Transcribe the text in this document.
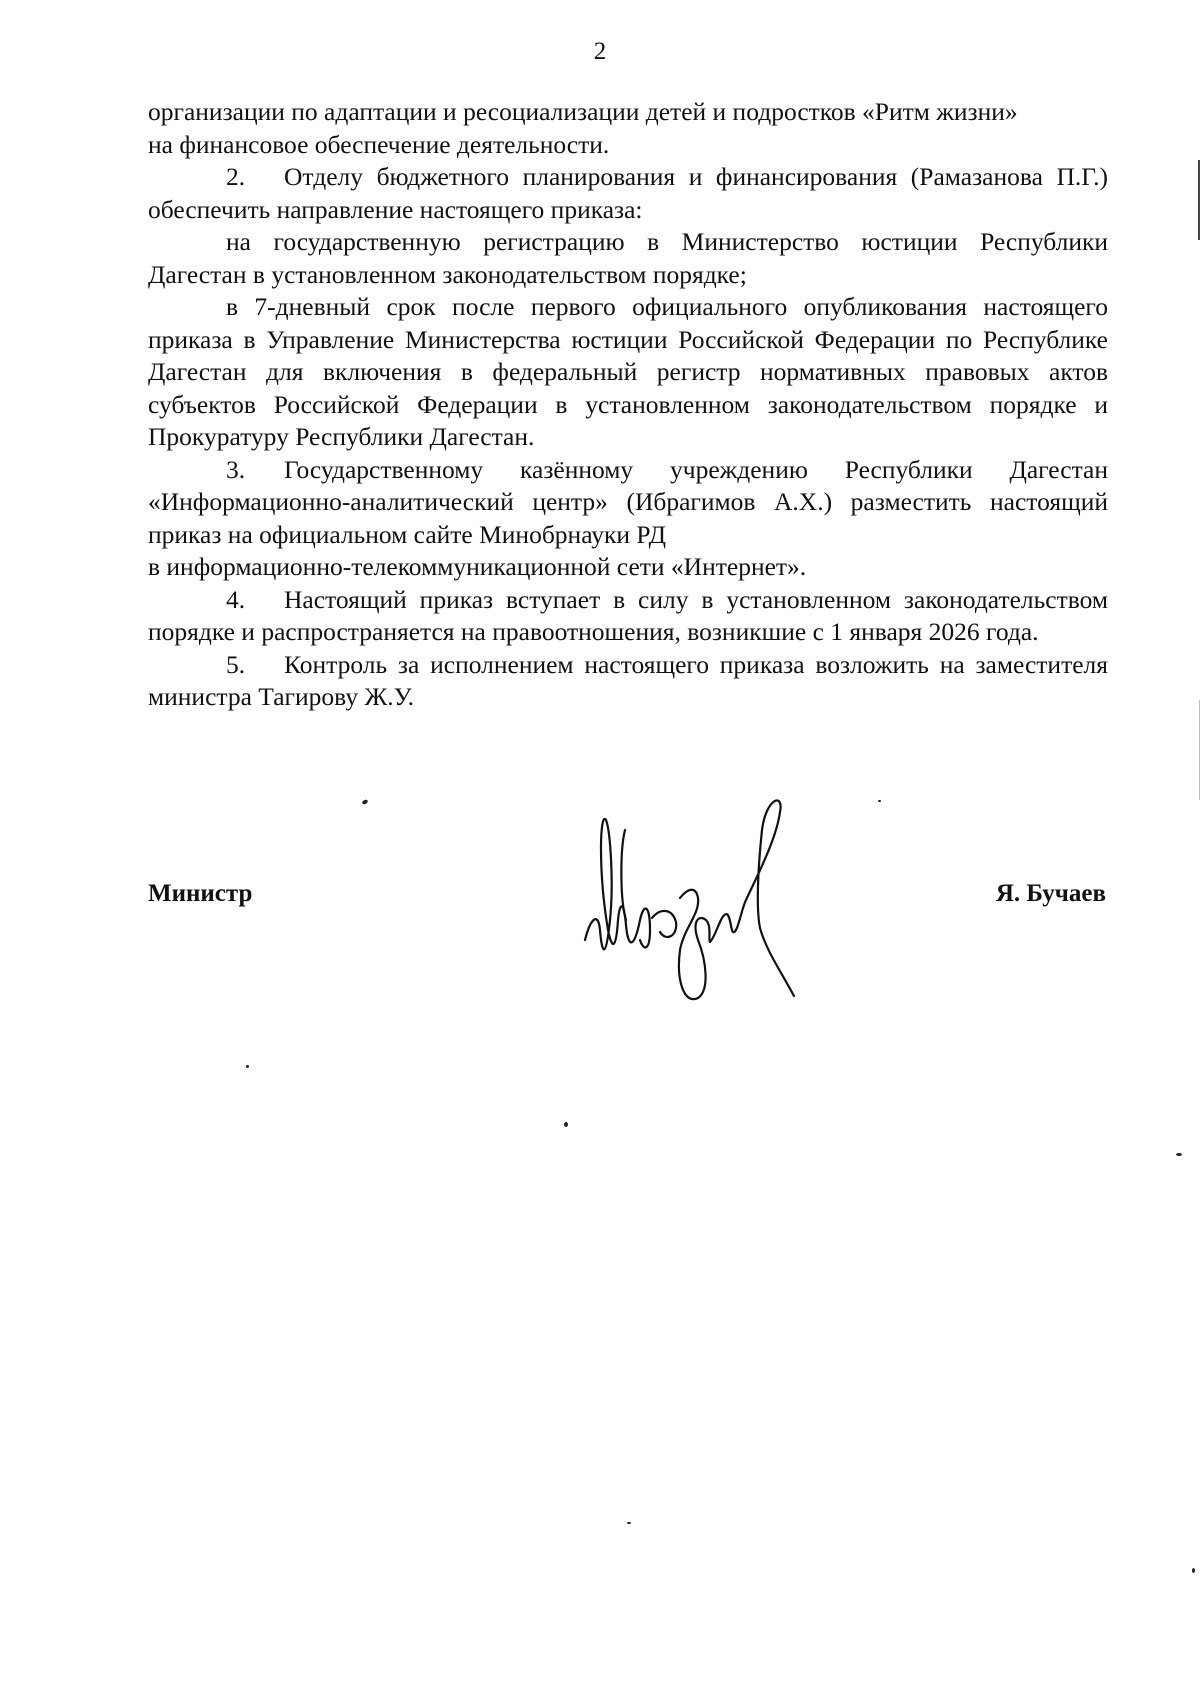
2

организации по адаптации и ресоциализации детей и подростков «Ритм жизни»

на финансовое обеспечение деятельности.

2. Отделу бюджетного планирования и финансирования (Рамазанова П.Г.) обеспечить направление настоящего приказа:

на государственную регистрацию в Министерство юстиции Республики Дагестан в установленном законодательством порядке;

в 7-дневный срок после первого официального опубликования настоящего приказа в Управление Министерства юстиции Российской Федерации по Республике Дагестан для включения в федеральный регистр нормативных правовых актов субъектов Российской Федерации в установленном законодательством порядке и Прокуратуру Республики Дагестан.

3. Государственному казённому учреждению Республики Дагестан «Информационно-аналитический центр» (Ибрагимов А.Х.) разместить настоящий приказ на официальном сайте Минобрнауки РД

в информационно-телекоммуникационной сети «Интернет».

4. Настоящий приказ вступает в силу в установленном законодательством порядке и распространяется на правоотношения, возникшие с 1 января 2026 года.

5. Контроль за исполнением настоящего приказа возложить на заместителя министра Тагирову Ж.У.

Министр	Я. Бучаев
